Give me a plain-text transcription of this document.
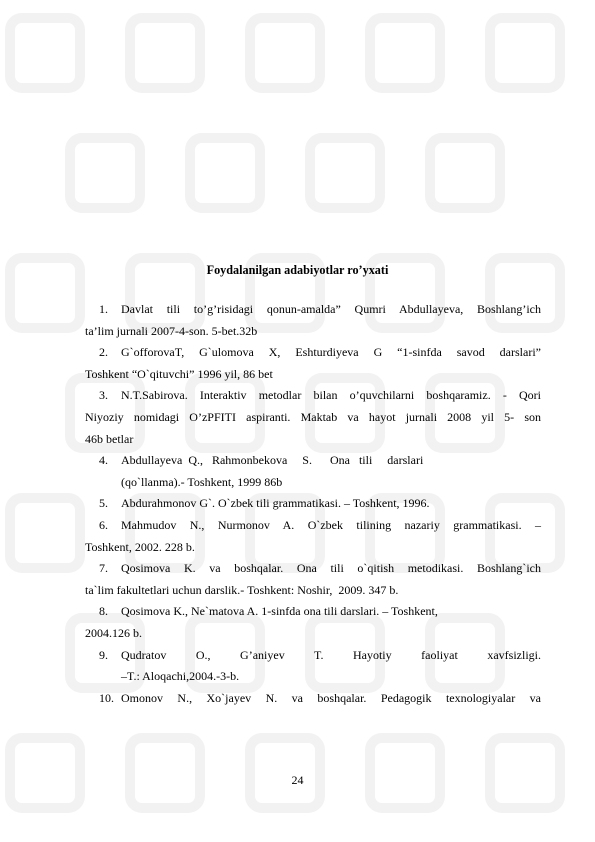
Foydalanilgan adabiyotlar ro’yxati
1.	Davlat tili to’g’risidagi qonun-amalda” Qumri Abdullayeva, Boshlang’ich
ta’lim jurnali 2007-4-son. 5-bet.32b
2.	G`offorovaT, G`ulomova X, Eshturdiyeva G “1-sinfda savod darslari”
Toshkent “O`qituvchi” 1996 yil, 86 bet
3.	N.T.Sabirova. Interaktiv metodlar bilan o’quvchilarni boshqaramiz. - Qori
Niyoziy nomidagi O’zPFITI aspiranti. Maktab va hayot jurnali 2008 yil 5- son
46b betlar
4.	Abdullayeva  Q.,   Rahmonbekova     S.      Ona   tili     darslari
(qo`llanma).- Toshkent, 1999 86b
5.	Abdurahmonov G`. O`zbek tili grammatikasi. – Toshkent, 1996.
6.	Mahmudov N., Nurmonov A. O`zbek tilining nazariy grammatikasi. –
Toshkent, 2002. 228 b.
7.	Qosimova K. va boshqalar. Ona tili o`qitish metodikasi. Boshlang`ich
ta`lim fakultetlari uchun darslik.- Toshkent: Noshir,  2009. 347 b.
8.	Qosimova K., Ne`matova A. 1-sinfda ona tili darslari. – Toshkent,
2004.126 b.
9.	Qudratov O., G’aniyev T. Hayotiy faoliyat xavfsizligi.
–T.: Aloqachi,2004.-3-b.
10. Omonov N., Xo`jayev N. va boshqalar. Pedagogik texnologiyalar va
24
